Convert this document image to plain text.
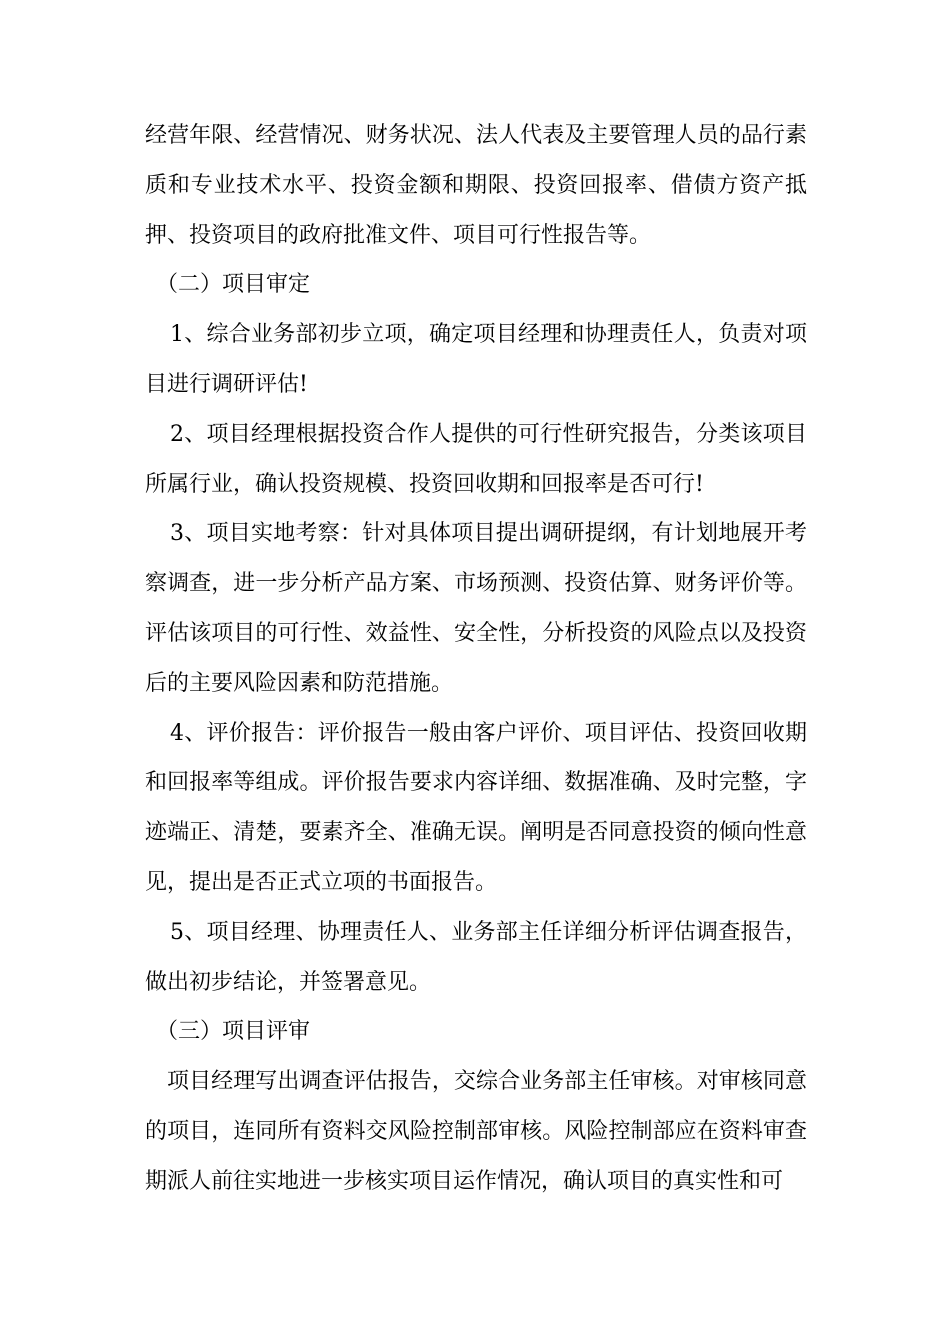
经营年限、经营情况、财务状况、法人代表及主要管理人员的品行素质和专业技术水平、投资金额和期限、投资回报率、借债方资产抵押、投资项目的政府批准文件、项目可行性报告等。

（二）项目审定

1、综合业务部初步立项，确定项目经理和协理责任人，负责对项目进行调研评估!

2、项目经理根据投资合作人提供的可行性研究报告，分类该项目所属行业，确认投资规模、投资回收期和回报率是否可行!

3、项目实地考察：针对具体项目提出调研提纲，有计划地展开考察调查，进一步分析产品方案、市场预测、投资估算、财务评价等。评估该项目的可行性、效益性、安全性，分析投资的风险点以及投资后的主要风险因素和防范措施。

4、评价报告：评价报告一般由客户评价、项目评估、投资回收期和回报率等组成。评价报告要求内容详细、数据准确、及时完整，字迹端正、清楚，要素齐全、准确无误。阐明是否同意投资的倾向性意见，提出是否正式立项的书面报告。

5、项目经理、协理责任人、业务部主任详细分析评估调查报告，做出初步结论，并签署意见。

（三）项目评审

项目经理写出调查评估报告，交综合业务部主任审核。对审核同意的项目，连同所有资料交风险控制部审核。风险控制部应在资料审查期派人前往实地进一步核实项目运作情况，确认项目的真实性和可
